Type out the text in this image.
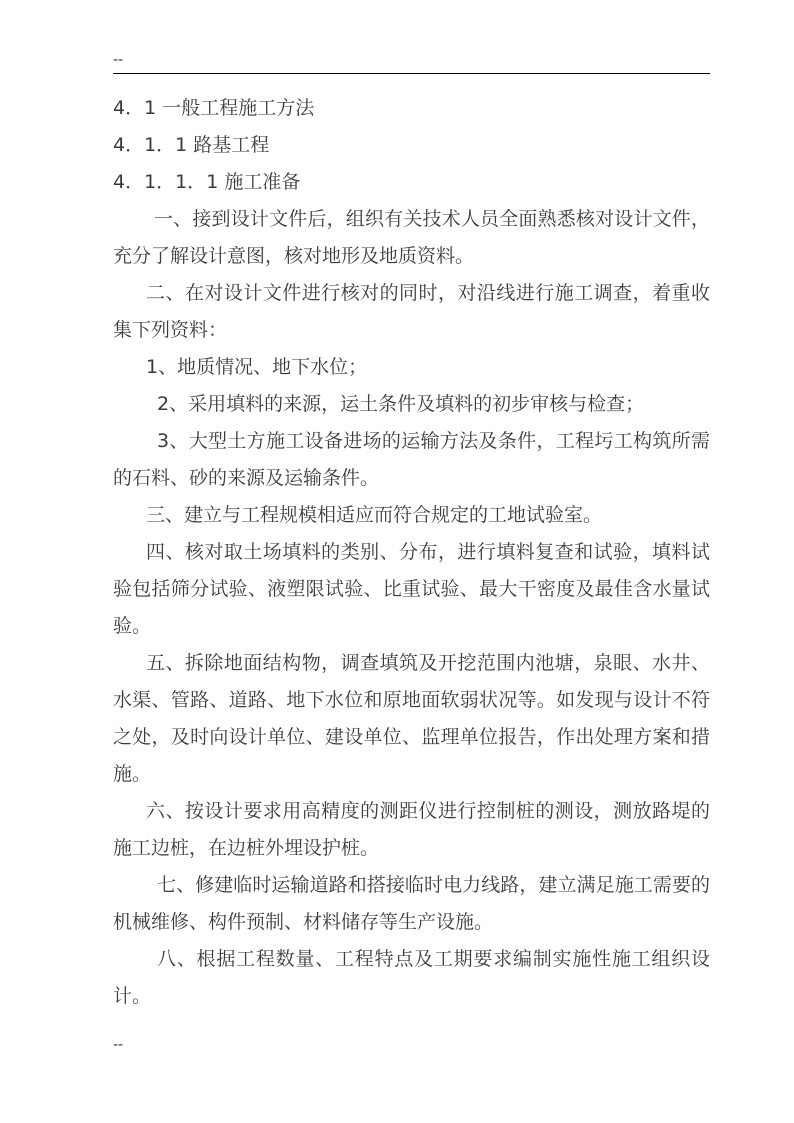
--
4．1 一般工程施工方法
4．1．1 路基工程
4．1．1．1 施工准备

一、接到设计文件后，组织有关技术人员全面熟悉核对设计文件，充分了解设计意图，核对地形及地质资料。

二、在对设计文件进行核对的同时，对沿线进行施工调查，着重收集下列资料：

1、地质情况、地下水位；

2、采用填料的来源，运土条件及填料的初步审核与检查；

3、大型土方施工设备进场的运输方法及条件，工程圬工构筑所需的石料、砂的来源及运输条件。

三、建立与工程规模相适应而符合规定的工地试验室。

四、核对取土场填料的类别、分布，进行填料复查和试验，填料试验包括筛分试验、液塑限试验、比重试验、最大干密度及最佳含水量试验。

五、拆除地面结构物，调查填筑及开挖范围内池塘，泉眼、水井、水渠、管路、道路、地下水位和原地面软弱状况等。如发现与设计不符之处，及时向设计单位、建设单位、监理单位报告，作出处理方案和措施。

六、按设计要求用高精度的测距仪进行控制桩的测设，测放路堤的施工边桩，在边桩外埋设护桩。

七、修建临时运输道路和搭接临时电力线路，建立满足施工需要的机械维修、构件预制、材料储存等生产设施。

八、根据工程数量、工程特点及工期要求编制实施性施工组织设计。

--
